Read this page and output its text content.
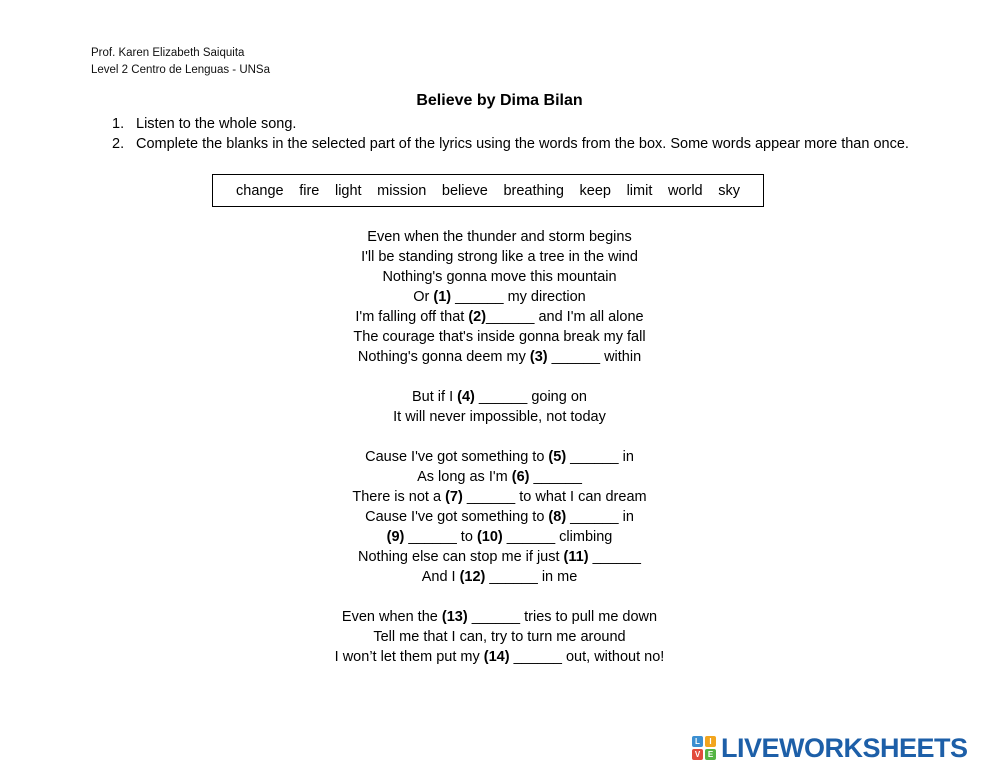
Prof. Karen Elizabeth Saiquita
Level 2 Centro de Lenguas - UNSa
Believe by Dima Bilan
1. Listen to the whole song.
2. Complete the blanks in the selected part of the lyrics using the words from the box. Some words appear more than once.
change fire light mission believe breathing keep limit world sky
Even when the thunder and storm begins
I'll be standing strong like a tree in the wind
Nothing's gonna move this mountain
Or (1) ______ my direction
I'm falling off that (2)______ and I'm all alone
The courage that's inside gonna break my fall
Nothing's gonna deem my (3) ______ within
But if I (4) ______ going on
It will never impossible, not today
Cause I've got something to (5) ______ in
As long as I'm (6) ______
There is not a (7) ______ to what I can dream
Cause I've got something to (8) ______ in
(9) ______ to (10) ______ climbing
Nothing else can stop me if just (11) ______
And I (12) ______ in me
Even when the (13) ______ tries to pull me down
Tell me that I can, try to turn me around
I won’t let them put my (14) ______ out, without no!
L	I
V E LIVEWORKSHEETS
